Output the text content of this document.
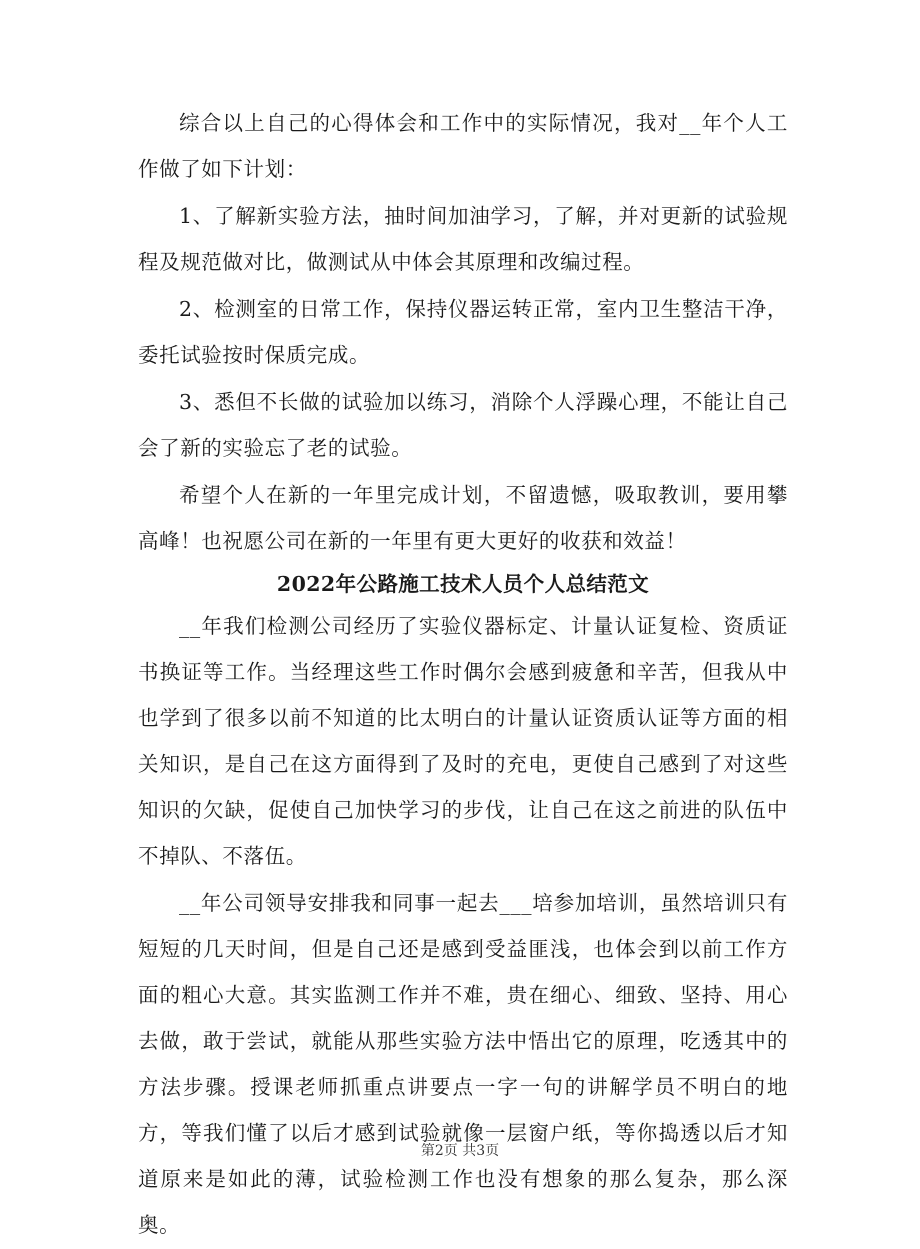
综合以上自己的心得体会和工作中的实际情况，我对__年个人工作做了如下计划：

1、了解新实验方法，抽时间加油学习，了解，并对更新的试验规程及规范做对比，做测试从中体会其原理和改编过程。

2、检测室的日常工作，保持仪器运转正常，室内卫生整洁干净，委托试验按时保质完成。

3、悉但不长做的试验加以练习，消除个人浮躁心理，不能让自己会了新的实验忘了老的试验。

希望个人在新的一年里完成计划，不留遗憾，吸取教训，要用攀高峰！也祝愿公司在新的一年里有更大更好的收获和效益！

2022年公路施工技术人员个人总结范文

__年我们检测公司经历了实验仪器标定、计量认证复检、资质证书换证等工作。当经理这些工作时偶尔会感到疲惫和辛苦，但我从中也学到了很多以前不知道的比太明白的计量认证资质认证等方面的相关知识，是自己在这方面得到了及时的充电，更使自己感到了对这些知识的欠缺，促使自己加快学习的步伐，让自己在这之前进的队伍中不掉队、不落伍。

__年公司领导安排我和同事一起去___培参加培训，虽然培训只有短短的几天时间，但是自己还是感到受益匪浅，也体会到以前工作方面的粗心大意。其实监测工作并不难，贵在细心、细致、坚持、用心去做，敢于尝试，就能从那些实验方法中悟出它的原理，吃透其中的方法步骤。授课老师抓重点讲要点一字一句的讲解学员不明白的地方，等我们懂了以后才感到试验就像一层窗户纸，等你捣透以后才知道原来是如此的薄，试验检测工作也没有想象的那么复杂，那么深奥。

第2页 共3页
